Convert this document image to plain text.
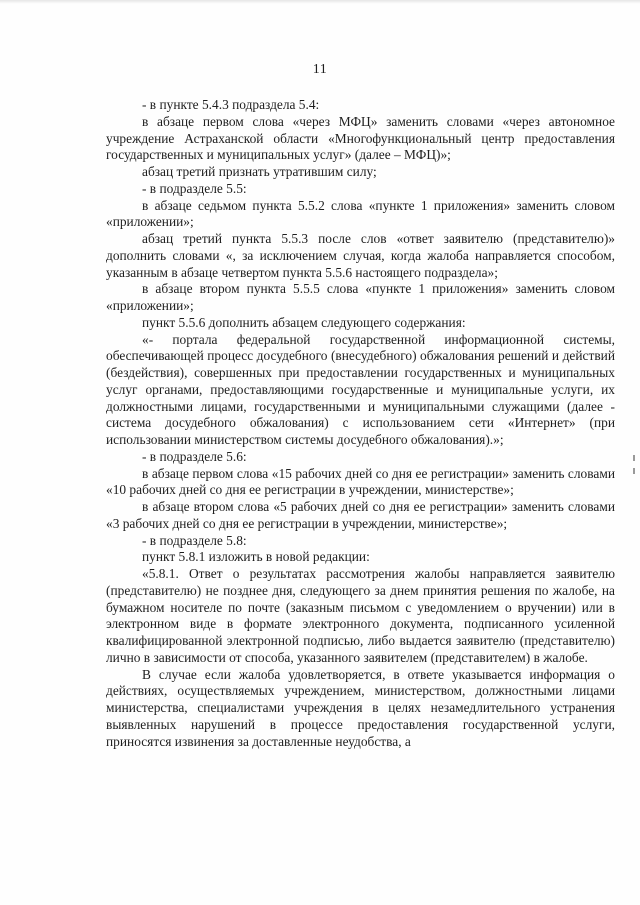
11

- в пункте 5.4.3 подраздела 5.4:

в абзаце первом слова «через МФЦ» заменить словами «через автономное учреждение Астраханской области «Многофункциональный центр предоставления государственных и муниципальных услуг» (далее – МФЦ)»;

абзац третий признать утратившим силу;

- в подразделе 5.5:

в абзаце седьмом пункта 5.5.2 слова «пункте 1 приложения» заменить словом «приложении»;

абзац третий пункта 5.5.3 после слов «ответ заявителю (представителю)» дополнить словами «, за исключением случая, когда жалоба направляется способом, указанным в абзаце четвертом пункта 5.5.6 настоящего подраздела»;

в абзаце втором пункта 5.5.5 слова «пункте 1 приложения» заменить словом «приложении»;

пункт 5.5.6 дополнить абзацем следующего содержания:

«- портала федеральной государственной информационной системы, обеспечивающей процесс досудебного (внесудебного) обжалования решений и действий (бездействия), совершенных при предоставлении государственных и муниципальных услуг органами, предоставляющими государственные и муниципальные услуги, их должностными лицами, государственными и муниципальными служащими (далее - система досудебного обжалования) с использованием сети «Интернет» (при использовании министерством системы досудебного обжалования).»;

- в подразделе 5.6:

в абзаце первом слова «15 рабочих дней со дня ее регистрации» заменить словами «10 рабочих дней со дня ее регистрации в учреждении, министерстве»;

в абзаце втором слова «5 рабочих дней со дня ее регистрации» заменить словами «3 рабочих дней со дня ее регистрации в учреждении, министерстве»;

- в подразделе 5.8:

пункт 5.8.1 изложить в новой редакции:

«5.8.1. Ответ о результатах рассмотрения жалобы направляется заявителю (представителю) не позднее дня, следующего за днем принятия решения по жалобе, на бумажном носителе по почте (заказным письмом с уведомлением о вручении) или в электронном виде в формате электронного документа, подписанного усиленной квалифицированной электронной подписью, либо выдается заявителю (представителю) лично в зависимости от способа, указанного заявителем (представителем) в жалобе.

В случае если жалоба удовлетворяется, в ответе указывается информация о действиях, осуществляемых учреждением, министерством, должностными лицами министерства, специалистами учреждения в целях незамедлительного устранения выявленных нарушений в процессе предоставления государственной услуги, приносятся извинения за доставленные неудобства, а
